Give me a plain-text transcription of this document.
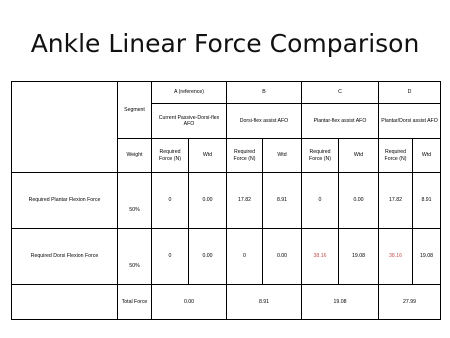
Ankle Linear Force Comparison
	Segment	A (reference)		B		C		D	
		Current Passive-Dorsi-flex AFO		Dorsi-flex assist AFO		Plantar-flex assist AFO		Plantar/Dorsi assist AFO	
	Weight	Required Force (N)	Wtd	Required Force (N)	Wtd	Required Force (N)	Wtd	Required Force (N)	Wtd
Required Plantar Flexion Force	50%	0	0.00	17.82	8.91	0	0.00	17.82	8.91
Required Dorsi Flexion Force	50%	0	0.00	0	0.00	38.16	19.08	38.16	19.08
	Total Force	0.00		8.91		19.08		27.99	
